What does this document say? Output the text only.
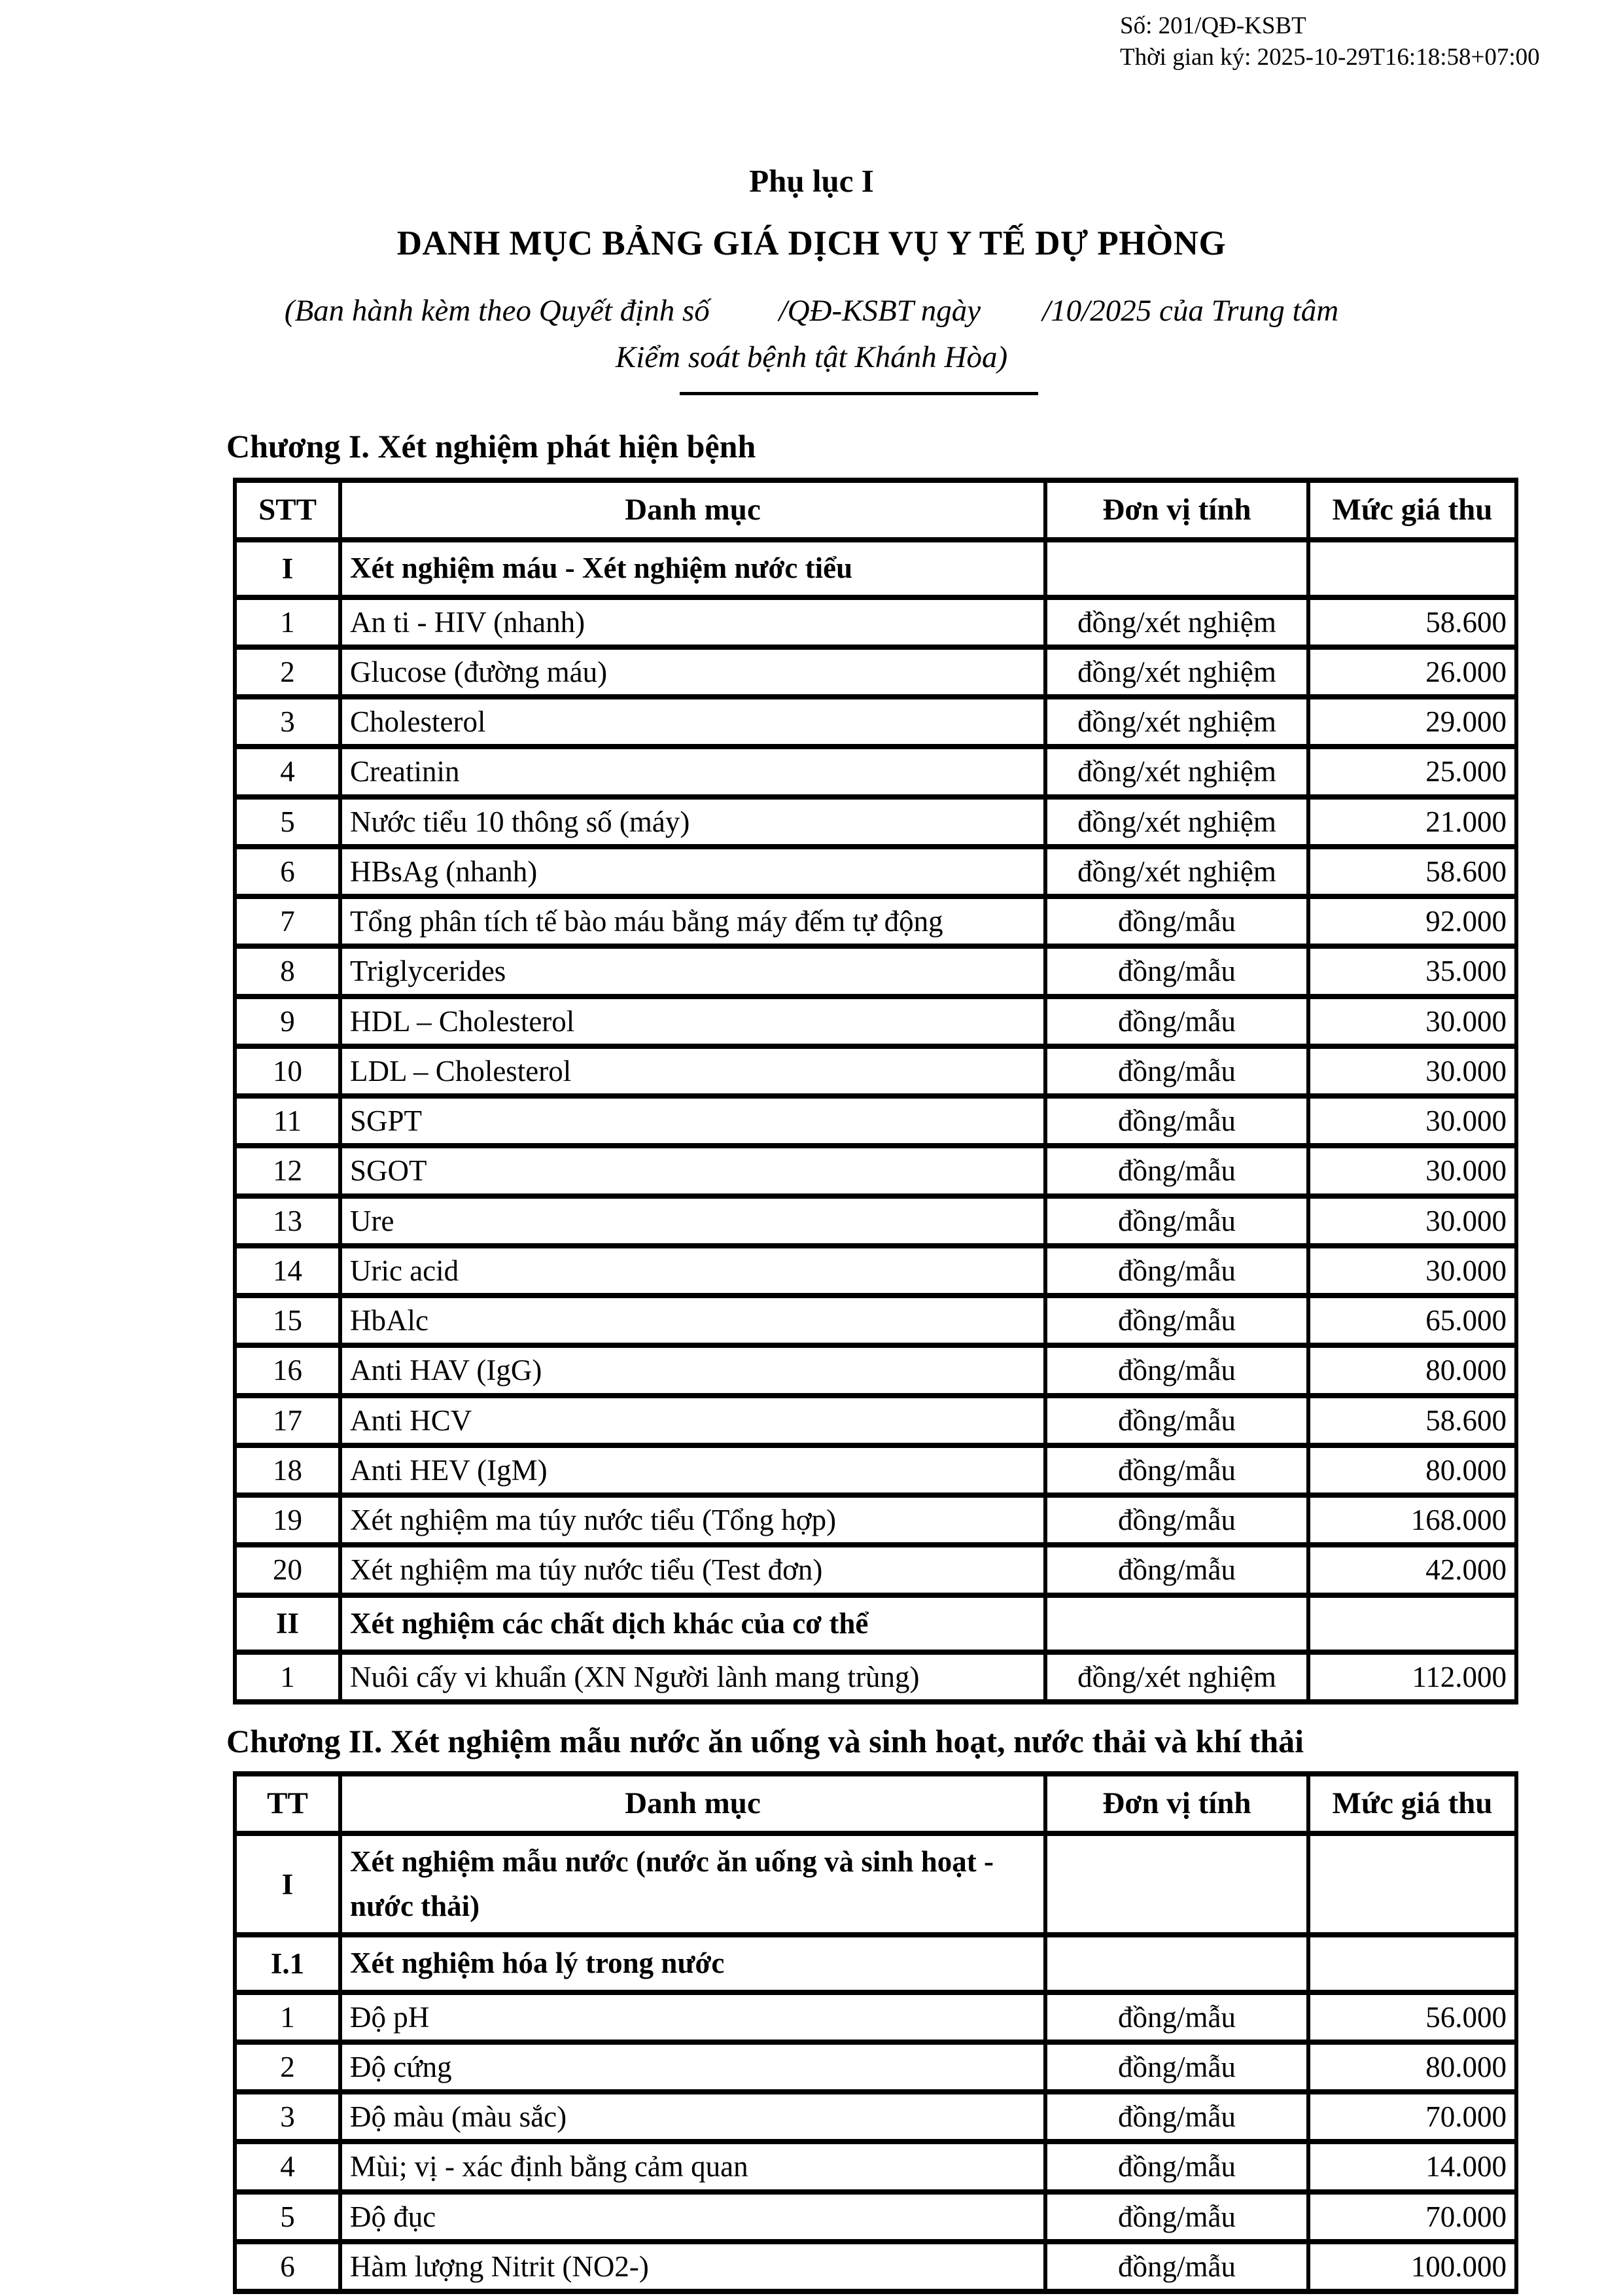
Số: 201/QĐ-KSBT
Thời gian ký: 2025-10-29T16:18:58+07:00
Phụ lục I
DANH MỤC BẢNG GIÁ DỊCH VỤ Y TẾ DỰ PHÒNG
(Ban hành kèm theo Quyết định số         /QĐ-KSBT ngày        /10/2025 của Trung tâm
Kiểm soát bệnh tật Khánh Hòa)
Chương I. Xét nghiệm phát hiện bệnh
STT	Danh mục	Đơn vị tính	Mức giá thu
I	Xét nghiệm máu - Xét nghiệm nước tiểu		
1	An ti - HIV (nhanh)	đồng/xét nghiệm	58.600
2	Glucose (đường máu)	đồng/xét nghiệm	26.000
3	Cholesterol	đồng/xét nghiệm	29.000
4	Creatinin	đồng/xét nghiệm	25.000
5	Nước tiểu 10 thông số (máy)	đồng/xét nghiệm	21.000
6	HBsAg (nhanh)	đồng/xét nghiệm	58.600
7	Tổng phân tích tế bào máu bằng máy đếm tự động	đồng/mẫu	92.000
8	Triglycerides	đồng/mẫu	35.000
9	HDL – Cholesterol	đồng/mẫu	30.000
10	LDL – Cholesterol	đồng/mẫu	30.000
11	SGPT	đồng/mẫu	30.000
12	SGOT	đồng/mẫu	30.000
13	Ure	đồng/mẫu	30.000
14	Uric acid	đồng/mẫu	30.000
15	HbAlc	đồng/mẫu	65.000
16	Anti HAV (IgG)	đồng/mẫu	80.000
17	Anti HCV	đồng/mẫu	58.600
18	Anti HEV (IgM)	đồng/mẫu	80.000
19	Xét nghiệm ma túy nước tiểu (Tổng hợp)	đồng/mẫu	168.000
20	Xét nghiệm ma túy nước tiểu (Test đơn)	đồng/mẫu	42.000
II	Xét nghiệm các chất dịch khác của cơ thể		
1	Nuôi cấy vi khuẩn (XN Người lành mang trùng)	đồng/xét nghiệm	112.000
Chương II. Xét nghiệm mẫu nước ăn uống và sinh hoạt, nước thải và khí thải
TT	Danh mục	Đơn vị tính	Mức giá thu
I	Xét nghiệm mẫu nước (nước ăn uống và sinh hoạt - nước thải)		
I.1	Xét nghiệm hóa lý trong nước		
1	Độ pH	đồng/mẫu	56.000
2	Độ cứng	đồng/mẫu	80.000
3	Độ màu (màu sắc)	đồng/mẫu	70.000
4	Mùi; vị - xác định bằng cảm quan	đồng/mẫu	14.000
5	Độ đục	đồng/mẫu	70.000
6	Hàm lượng Nitrit (NO2-)	đồng/mẫu	100.000
